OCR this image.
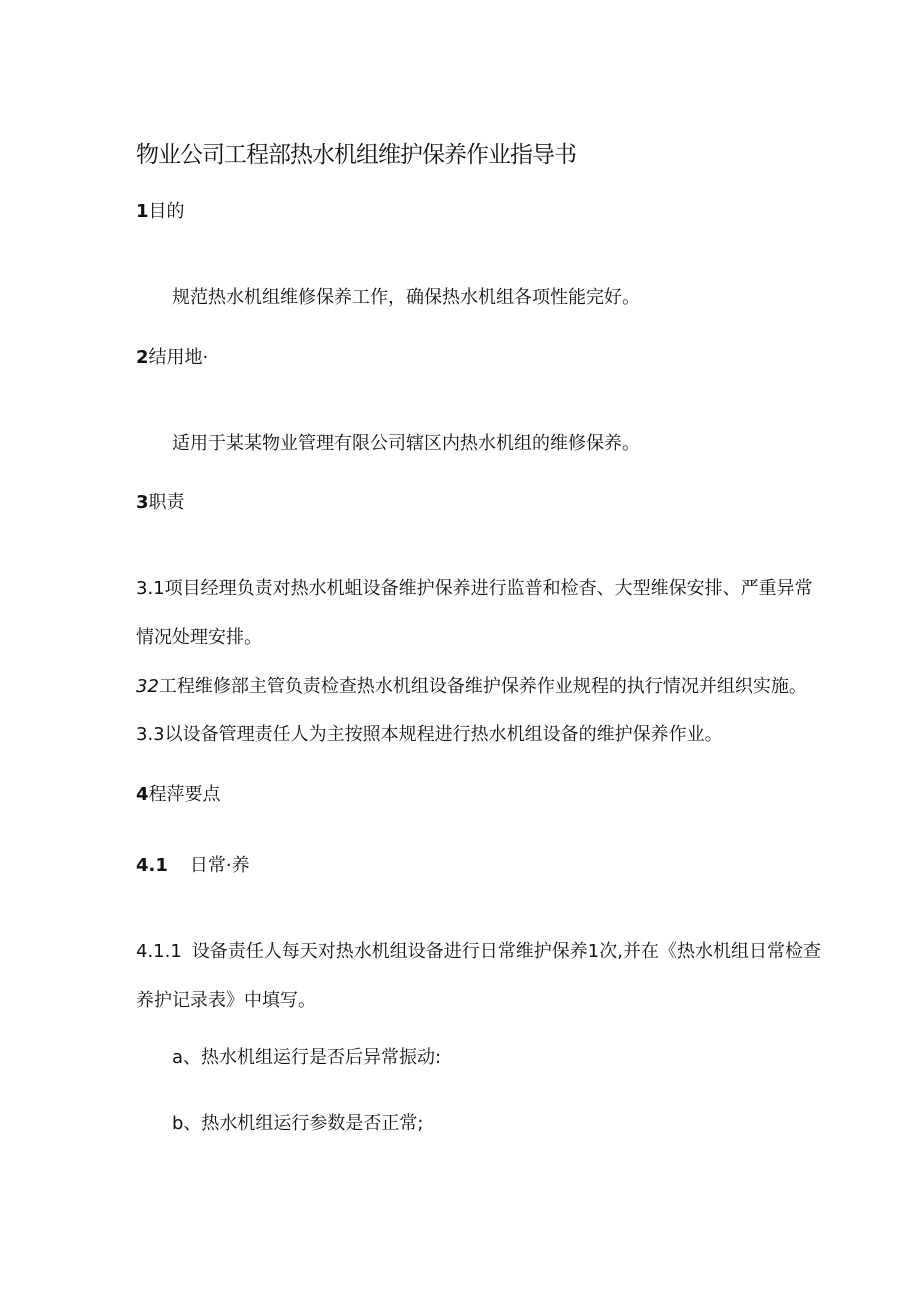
物业公司工程部热水机组维护保养作业指导书
1目的
规范热水机组维修保养工作，确保热水机组各项性能完好。
2结用地·
适用于某某物业管理有限公司辖区内热水机组的维修保养。
3职责
3.1项目经理负责对热水机蛆设备维护保养进行监普和检杳、大型维保安排、严重异常
情况处理安排。
32工程维修部主管负责检查热水机组设备维护保养作业规程的执行情况并组织实施。
3.3以设备管理责任人为主按照本规程进行热水机组设备的维护保养作业。
4程萍要点
4.1 日常·养
4.1.1 设备责任人每天对热水机组设备进行日常维护保养1次,并在《热水机组日常检查
养护记录表》中填写。
a、热水机组运行是否后异常振动:
b、热水机组运行参数是否正常;
